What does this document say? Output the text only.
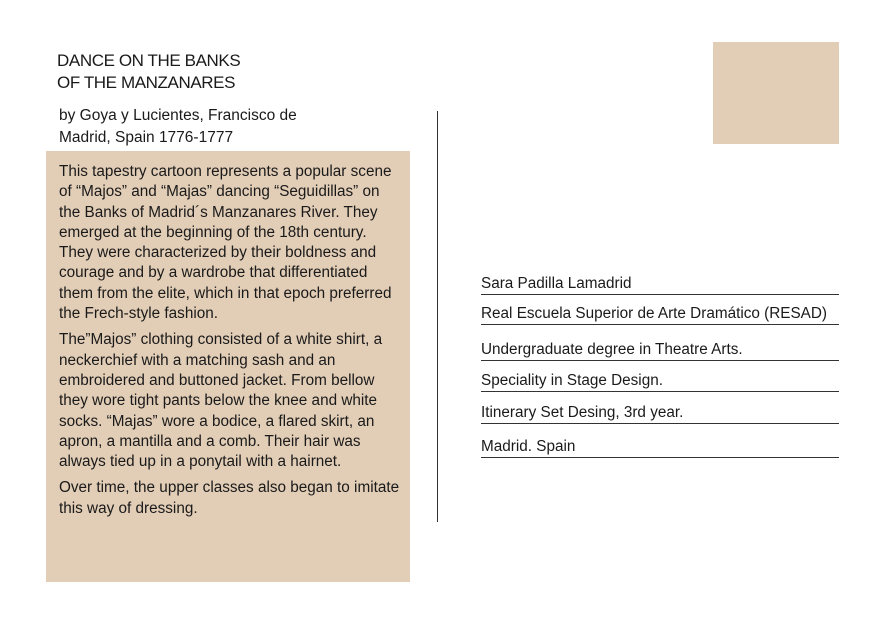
DANCE ON THE BANKS
OF THE MANZANARES
by Goya y Lucientes, Francisco de
Madrid, Spain 1776-1777

This tapestry cartoon represents a popular scene of “Majos” and “Majas” dancing “Seguidillas” on the Banks of Madrid´s Manzanares River. They emerged at the beginning of the 18th century. They were characterized by their boldness and courage and by a wardrobe that differentiated them from the elite, which in that epoch preferred the Frech-style fashion.

The”Majos” clothing consisted of a white shirt, a neckerchief with a matching sash and an embroidered and buttoned jacket. From bellow they wore tight pants below the knee and white socks. “Majas” wore a bodice, a flared skirt, an apron, a mantilla and a comb. Their hair was always tied up in a ponytail with a hairnet.

Over time, the upper classes also began to imitate this way of dressing.

Sara Padilla Lamadrid
Real Escuela Superior de Arte Dramático (RESAD)
Undergraduate degree in Theatre Arts.
Speciality in Stage Design.
Itinerary Set Desing, 3rd year.
Madrid. Spain
